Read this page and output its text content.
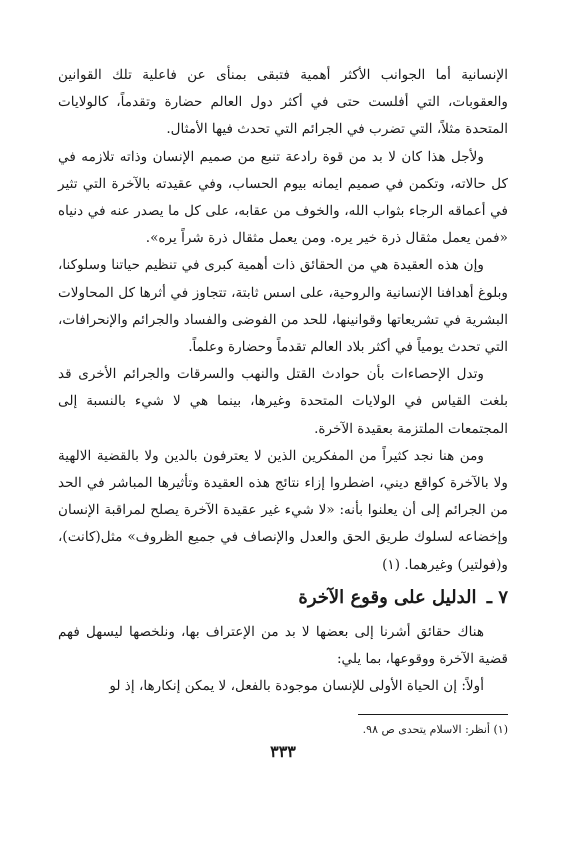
الإنسانية أما الجوانب الأكثر أهمية فتبقى بمنأى عن فاعلية تلك القوانين والعقوبات، التي أفلست حتى في أكثر دول العالم حضارة وتقدماً، كالولايات المتحدة مثلاً، التي تضرب في الجرائم التي تحدث فيها الأمثال.

ولأجل هذا كان لا بد من قوة رادعة تنبع من صميم الإنسان وذاته تلازمه في كل حالاته، وتكمن في صميم ايمانه بيوم الحساب، وفي عقيدته بالآخرة التي تثير في أعماقه الرجاء بثواب الله، والخوف من عقابه، على كل ما يصدر عنه في دنياه «فمن يعمل مثقال ذرة خير يره. ومن يعمل مثقال ذرة شراً يره».

وإن هذه العقيدة هي من الحقائق ذات أهمية كبرى في تنظيم حياتنا وسلوكنا، وبلوغ أهدافنا الإنسانية والروحية، على اسس ثابتة، تتجاوز في أثرها كل المحاولات البشرية في تشريعاتها وقوانينها، للحد من الفوضى والفساد والجرائم والإنحرافات، التي تحدث يومياً في أكثر بلاد العالم تقدماً وحضارة وعلماً.

وتدل الإحصاءات بأن حوادث القتل والنهب والسرقات والجرائم الأخرى قد بلغت القياس في الولايات المتحدة وغيرها، بينما هي لا شيء بالنسبة إلى المجتمعات الملتزمة بعقيدة الآخرة.

ومن هنا نجد كثيراً من المفكرين الذين لا يعترفون بالدين ولا بالقضية الالهية ولا بالآخرة كواقع ديني، اضطروا إزاء نتائج هذه العقيدة وتأثيرها المباشر في الحد من الجرائم إلى أن يعلنوا بأنه: «لا شيء غير عقيدة الآخرة يصلح لمراقبة الإنسان وإخضاعه لسلوك طريق الحق والعدل والإنصاف في جميع الظروف» مثل(كانت)، و(فولتير) وغيرهما. (١)

٧ ـ الدليل على وقوع الآخرة

هناك حقائق أشرنا إلى بعضها لا بد من الإعتراف بها، ونلخصها ليسهل فهم قضية الآخرة ووقوعها، بما يلي:

أولاً: إن الحياة الأولى للإنسان موجودة بالفعل، لا يمكن إنكارها، إذ لو

(١) أنظر: الاسلام يتحدى ص ٩٨.

٣٣٣
